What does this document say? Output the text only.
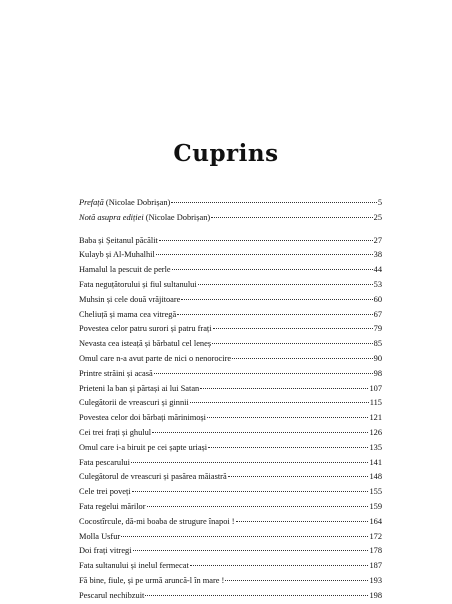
Cuprins
Prefață (Nicolae Dobrișan)	5
Notă asupra ediției (Nicolae Dobrișan)	25
Baba și Șeitanul păcălit	27
Kulayb și Al-Muhalhil	38
Hamalul la pescuit de perle	44
Fata neguțătorului și fiul sultanului	53
Muhsin și cele două vrăjitoare	60
Cheliuță și mama cea vitregă	67
Povestea celor patru surori și patru frați	79
Nevasta cea isteață și bărbatul cel leneș	85
Omul care n-a avut parte de nici o nenorocire	90
Printre străini și acasă	98
Prieteni la ban și părtași ai lui Satan	107
Culegătorii de vreascuri și ginnii	115
Povestea celor doi bărbați mărinimoși	121
Cei trei frați și ghulul	126
Omul care i-a biruit pe cei șapte uriași	135
Fata pescarului	141
Culegătorul de vreascuri și pasărea măiastră	148
Cele trei poveți	155
Fata regelui mărilor	159
Cocostîrcule, dă-mi boaba de strugure înapoi !	164
Molla Usfur	172
Doi frați vitregi	178
Fata sultanului și inelul fermecat	187
Fă bine, fiule, și pe urmă aruncă-l în mare !	193
Pescarul nechibzuit	198
